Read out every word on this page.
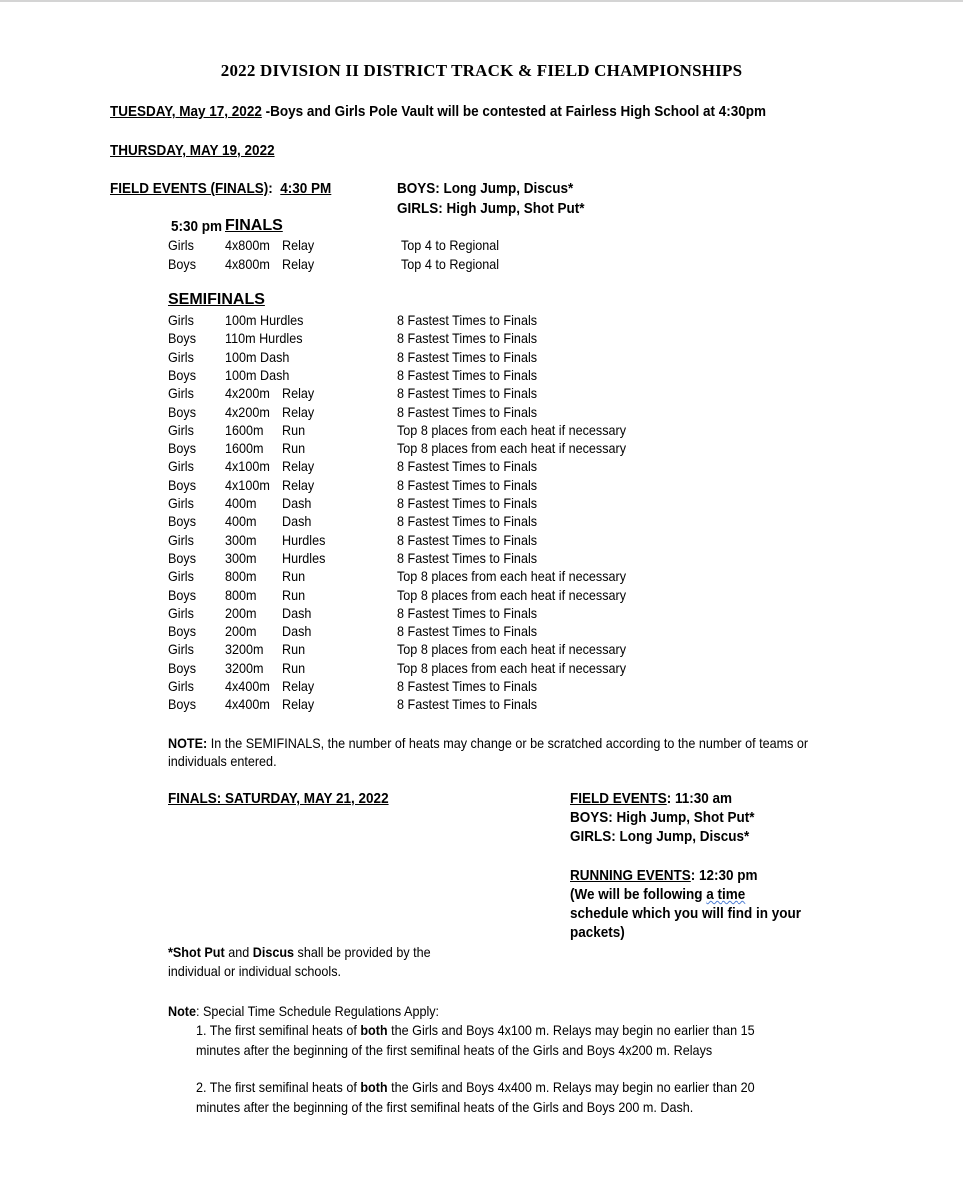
2022 DIVISION II DISTRICT TRACK & FIELD CHAMPIONSHIPS
TUESDAY, May 17, 2022 -Boys and Girls Pole Vault will be contested at Fairless High School at 4:30pm
THURSDAY, MAY 19, 2022
FIELD EVENTS (FINALS): 4:30 PM	BOYS: Long Jump, Discus*
GIRLS: High Jump, Shot Put*
5:30 pm FINALS
Girls 4x800m Relay	Top 4 to Regional
Boys 4x800m Relay	Top 4 to Regional
SEMIFINALS
Girls 100m Hurdles	8 Fastest Times to Finals
Boys 110m Hurdles	8 Fastest Times to Finals
Girls 100m Dash	8 Fastest Times to Finals
Boys 100m Dash	8 Fastest Times to Finals
Girls 4x200m Relay	8 Fastest Times to Finals
Boys 4x200m Relay	8 Fastest Times to Finals
Girls 1600m Run	Top 8 places from each heat if necessary
Boys 1600m Run	Top 8 places from each heat if necessary
Girls 4x100m Relay	8 Fastest Times to Finals
Boys 4x100m Relay	8 Fastest Times to Finals
Girls 400m Dash	8 Fastest Times to Finals
Boys 400m Dash	8 Fastest Times to Finals
Girls 300m Hurdles	8 Fastest Times to Finals
Boys 300m Hurdles	8 Fastest Times to Finals
Girls 800m Run	Top 8 places from each heat if necessary
Boys 800m Run	Top 8 places from each heat if necessary
Girls 200m Dash	8 Fastest Times to Finals
Boys 200m Dash	8 Fastest Times to Finals
Girls 3200m Run	Top 8 places from each heat if necessary
Boys 3200m Run	Top 8 places from each heat if necessary
Girls 4x400m Relay	8 Fastest Times to Finals
Boys 4x400m Relay	8 Fastest Times to Finals
NOTE: In the SEMIFINALS, the number of heats may change or be scratched according to the number of teams or individuals entered.
FINALS: SATURDAY, MAY 21, 2022	FIELD EVENTS: 11:30 am
BOYS: High Jump, Shot Put*
GIRLS: Long Jump, Discus*
RUNNING EVENTS: 12:30 pm
(We will be following a time
schedule which you will find in your
packets)
*Shot Put and Discus shall be provided by the
individual or individual schools.
Note: Special Time Schedule Regulations Apply:
1. The first semifinal heats of both the Girls and Boys 4x100 m. Relays may begin no earlier than 15
minutes after the beginning of the first semifinal heats of the Girls and Boys 4x200 m. Relays
2. The first semifinal heats of both the Girls and Boys 4x400 m. Relays may begin no earlier than 20
minutes after the beginning of the first semifinal heats of the Girls and Boys 200 m. Dash.
